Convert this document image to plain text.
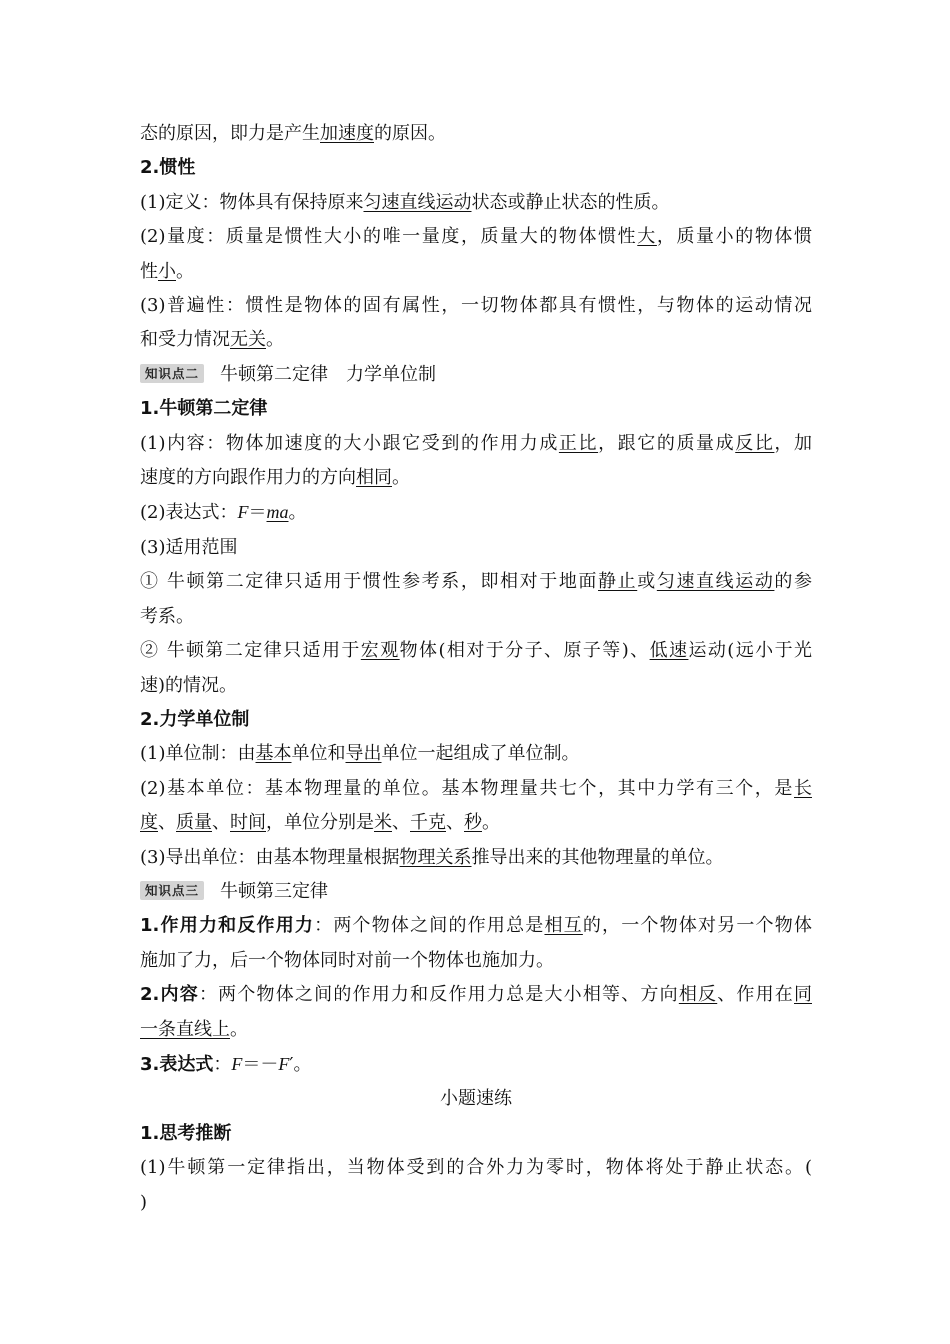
态的原因，即力是产生加速度的原因。
2.惯性
(1)定义：物体具有保持原来匀速直线运动状态或静止状态的性质。
(2)量度：质量是惯性大小的唯一量度，质量大的物体惯性大，质量小的物体惯
性小。
(3)普遍性：惯性是物体的固有属性，一切物体都具有惯性，与物体的运动情况
和受力情况无关。
知识点二 牛顿第二定律 力学单位制
1.牛顿第二定律
(1)内容：物体加速度的大小跟它受到的作用力成正比，跟它的质量成反比，加
速度的方向跟作用力的方向相同。
(2)表达式：F＝ma。
(3)适用范围
① 牛顿第二定律只适用于惯性参考系，即相对于地面静止或匀速直线运动的参
考系。
② 牛顿第二定律只适用于宏观物体(相对于分子、原子等)、低速运动(远小于光
速)的情况。
2.力学单位制
(1)单位制：由基本单位和导出单位一起组成了单位制。
(2)基本单位：基本物理量的单位。基本物理量共七个，其中力学有三个，是长
度、质量、时间，单位分别是米、千克、秒。
(3)导出单位：由基本物理量根据物理关系推导出来的其他物理量的单位。
知识点三 牛顿第三定律
1.作用力和反作用力：两个物体之间的作用总是相互的，一个物体对另一个物体
施加了力，后一个物体同时对前一个物体也施加力。
2.内容：两个物体之间的作用力和反作用力总是大小相等、方向相反、作用在同
一条直线上。
3.表达式：F＝－F′。
小题速练
1.思考推断
(1)牛顿第一定律指出，当物体受到的合外力为零时，物体将处于静止状态。(
)
